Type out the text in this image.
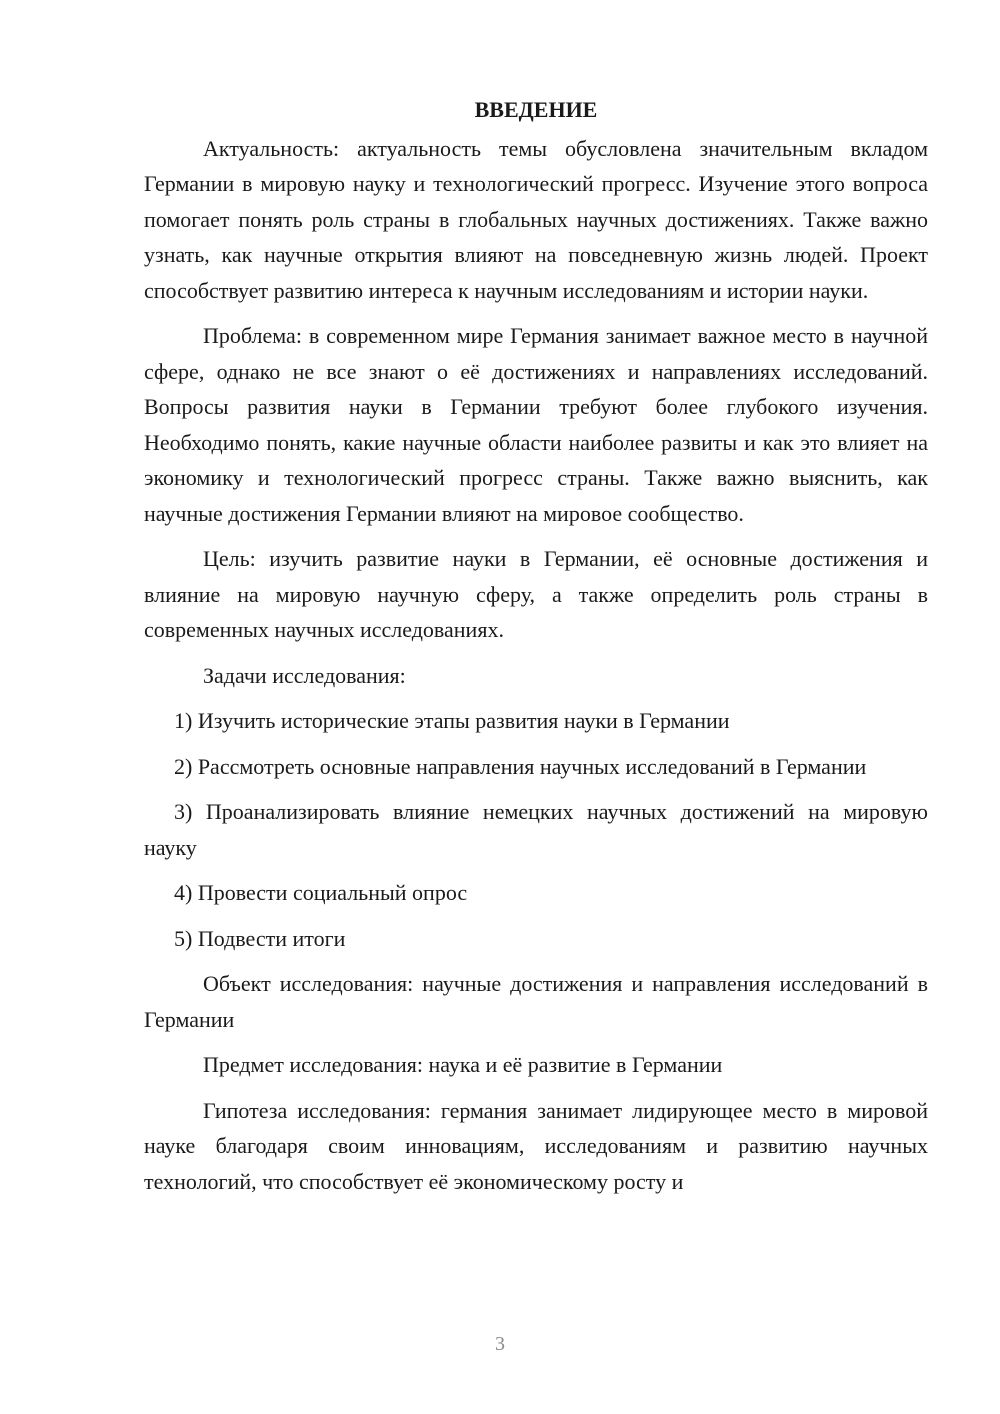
ВВЕДЕНИЕ

Актуальность: актуальность темы обусловлена значительным вкладом Германии в мировую науку и технологический прогресс. Изучение этого вопроса помогает понять роль страны в глобальных научных достижениях. Также важно узнать, как научные открытия влияют на повседневную жизнь людей. Проект способствует развитию интереса к научным исследованиям и истории науки.

Проблема: в современном мире Германия занимает важное место в научной сфере, однако не все знают о её достижениях и направлениях исследований. Вопросы развития науки в Германии требуют более глубокого изучения. Необходимо понять, какие научные области наиболее развиты и как это влияет на экономику и технологический прогресс страны. Также важно выяснить, как научные достижения Германии влияют на мировое сообщество.

Цель: изучить развитие науки в Германии, её основные достижения и влияние на мировую научную сферу, а также определить роль страны в современных научных исследованиях.

Задачи исследования:

1) Изучить исторические этапы развития науки в Германии

2) Рассмотреть основные направления научных исследований в Германии

3) Проанализировать влияние немецких научных достижений на мировую науку

4) Провести социальный опрос

5) Подвести итоги

Объект исследования: научные достижения и направления исследований в Германии

Предмет исследования: наука и её развитие в Германии

Гипотеза исследования: германия занимает лидирующее место в мировой науке благодаря своим инновациям, исследованиям и развитию научных технологий, что способствует её экономическому росту и

3
